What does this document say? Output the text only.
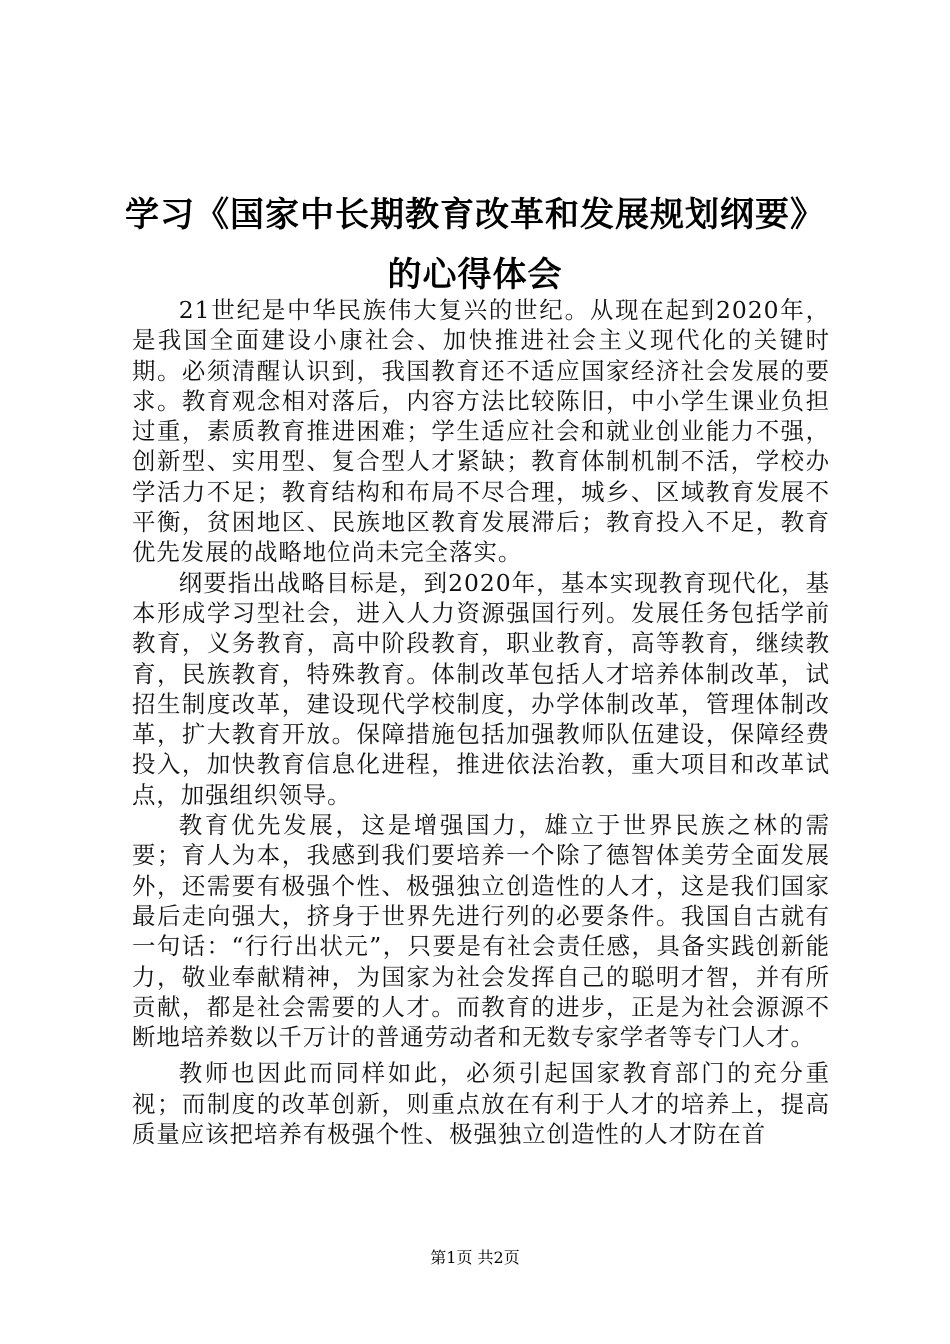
学习《国家中长期教育改革和发展规划纲要》
的心得体会

21世纪是中华民族伟大复兴的世纪。从现在起到2020年，是我国全面建设小康社会、加快推进社会主义现代化的关键时期。必须清醒认识到，我国教育还不适应国家经济社会发展的要求。教育观念相对落后，内容方法比较陈旧，中小学生课业负担过重，素质教育推进困难；学生适应社会和就业创业能力不强，创新型、实用型、复合型人才紧缺；教育体制机制不活，学校办学活力不足；教育结构和布局不尽合理，城乡、区域教育发展不平衡，贫困地区、民族地区教育发展滞后；教育投入不足，教育优先发展的战略地位尚未完全落实。

纲要指出战略目标是，到2020年，基本实现教育现代化，基本形成学习型社会，进入人力资源强国行列。发展任务包括学前教育，义务教育，高中阶段教育，职业教育，高等教育，继续教育，民族教育，特殊教育。体制改革包括人才培养体制改革，试招生制度改革，建设现代学校制度，办学体制改革，管理体制改革，扩大教育开放。保障措施包括加强教师队伍建设，保障经费投入，加快教育信息化进程，推进依法治教，重大项目和改革试点，加强组织领导。

教育优先发展，这是增强国力，雄立于世界民族之林的需要；育人为本，我感到我们要培养一个除了德智体美劳全面发展外，还需要有极强个性、极强独立创造性的人才，这是我们国家最后走向强大，挤身于世界先进行列的必要条件。我国自古就有一句话：“行行出状元”，只要是有社会责任感，具备实践创新能力，敬业奉献精神，为国家为社会发挥自己的聪明才智，并有所贡献，都是社会需要的人才。而教育的进步，正是为社会源源不断地培养数以千万计的普通劳动者和无数专家学者等专门人才。

教师也因此而同样如此，必须引起国家教育部门的充分重视；而制度的改革创新，则重点放在有利于人才的培养上，提高质量应该把培养有极强个性、极强独立创造性的人才防在首

第1页 共2页
